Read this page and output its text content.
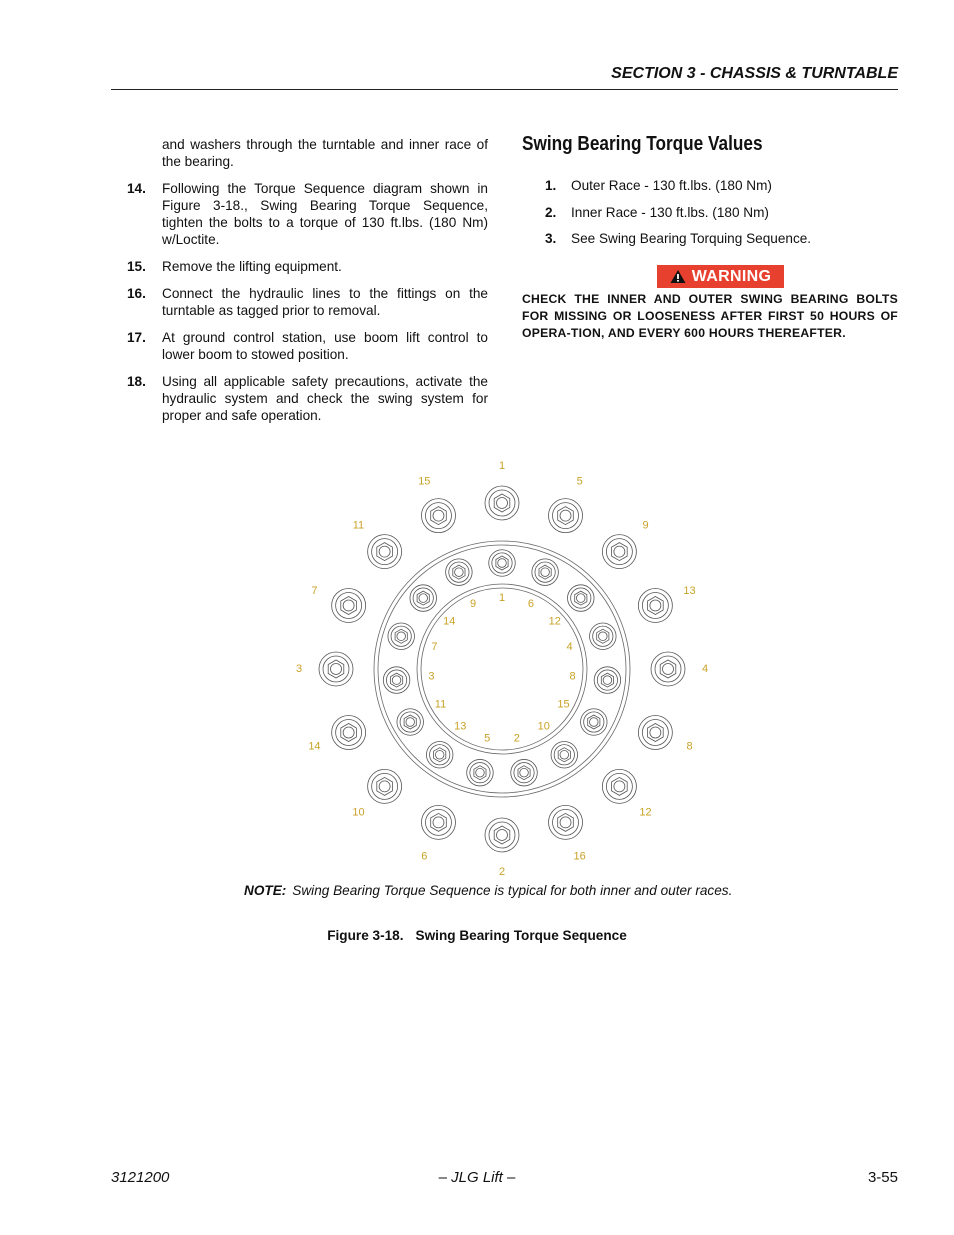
SECTION 3 - CHASSIS & TURNTABLE

and washers through the turntable and inner race of the bearing.

14.	Following the Torque Sequence diagram shown in Figure 3-18., Swing Bearing Torque Sequence, tighten the bolts to a torque of 130 ft.lbs. (180 Nm) w/Loctite.
15.	Remove the lifting equipment.
16.	Connect the hydraulic lines to the fittings on the turntable as tagged prior to removal.
17.	At ground control station, use boom lift control to lower boom to stowed position.
18.	Using all applicable safety precautions, activate the hydraulic system and check the swing system for proper and safe operation.
Swing Bearing Torque Values
1.	Outer Race - 130 ft.lbs. (180 Nm)
2.	Inner Race - 130 ft.lbs. (180 Nm)
3.	See Swing Bearing Torquing Sequence.
WARNING
CHECK THE INNER AND OUTER SWING BEARING BOLTS FOR MISSING OR LOOSENESS AFTER FIRST 50 HOURS OF OPERA-TION, AND EVERY 600 HOURS THEREAFTER.
1
5
9
13
4
8
12
16
2
6
10
14
3
7
11
15
1
6
12
4
8
15
10
2
5
13
11
3
7
14
9
NOTE: Swing Bearing Torque Sequence is typical for both inner and outer races.
Figure 3-18. Swing Bearing Torque Sequence
3121200	– JLG Lift –	3-55
